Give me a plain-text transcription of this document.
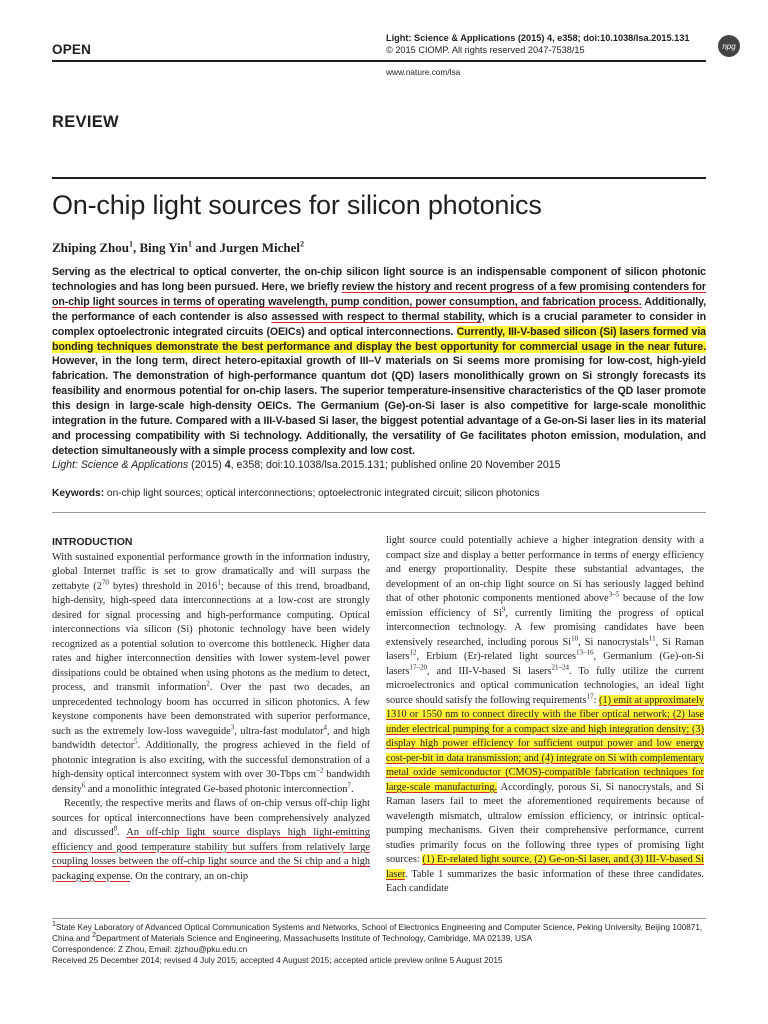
OPEN
Light: Science & Applications (2015) 4, e358; doi:10.1038/lsa.2015.131
© 2015 CIOMP. All rights reserved 2047-7538/15
www.nature.com/lsa
npg
REVIEW
On-chip light sources for silicon photonics
Zhiping Zhou$^1$, Bing Yin$^1$ and Jurgen Michel$^2$
Serving as the electrical to optical converter, the on-chip silicon light source is an indispensable component of silicon photonic technologies and has long been pursued. Here, we briefly review the history and recent progress of a few promising contenders for on-chip light sources in terms of operating wavelength, pump condition, power consumption, and fabrication process. Additionally, the performance of each contender is also assessed with respect to thermal stability, which is a crucial parameter to consider in complex optoelectronic integrated circuits (OEICs) and optical interconnections. Currently, III-V-based silicon (Si) lasers formed via bonding techniques demonstrate the best performance and display the best opportunity for commercial usage in the near future. However, in the long term, direct hetero-epitaxial growth of III–V materials on Si seems more promising for low-cost, high-yield fabrication. The demonstration of high-performance quantum dot (QD) lasers monolithically grown on Si strongly forecasts its feasibility and enormous potential for on-chip lasers. The superior temperature-insensitive characteristics of the QD laser promote this design in large-scale high-density OEICs. The Germanium (Ge)-on-Si laser is also competitive for large-scale monolithic integration in the future. Compared with a III-V-based Si laser, the biggest potential advantage of a Ge-on-Si laser lies in its material and processing compatibility with Si technology. Additionally, the versatility of Ge facilitates photon emission, modulation, and detection simultaneously with a simple process complexity and low cost.
Light: Science & Applications (2015) 4, e358; doi:10.1038/lsa.2015.131; published online 20 November 2015
Keywords: on-chip light sources; optical interconnections; optoelectronic integrated circuit; silicon photonics
INTRODUCTION

With sustained exponential performance growth in the information industry, global Internet traffic is set to grow dramatically and will surpass the zettabyte ($2^{70}$ bytes) threshold in 2016$^1$; because of this trend, broadband, high-density, high-speed data interconnections at a low-cost are strongly desired for signal processing and high-performance computing. Optical interconnections via silicon (Si) photonic technology have been widely recognized as a potential solution to overcome this bottleneck. Higher data rates and higher interconnection densities with lower system-level power dissipations could be obtained when using photons as the medium to detect, process, and transmit information$^2$. Over the past two decades, an unprecedented technology boom has occurred in silicon photonics. A few keystone components have been demonstrated with superior performance, such as the extremely low-loss waveguide$^3$, ultra-fast modulator$^4$, and high bandwidth detector$^5$. Additionally, the progress achieved in the field of photonic integration is also exciting, with the successful demonstration of a high-density optical interconnect system with over 30-Tbps $cm^{-2}$ bandwidth density$^6$ and a monolithic integrated Ge-based photonic interconnection$^7$.

Recently, the respective merits and flaws of on-chip versus off-chip light sources for optical interconnections have been comprehensively analyzed and discussed$^8$. An off-chip light source displays high light-emitting efficiency and good temperature stability but suffers from relatively large coupling losses between the off-chip light source and the Si chip and a high packaging expense. On the contrary, an on-chip

light source could potentially achieve a higher integration density with a compact size and display a better performance in terms of energy efficiency and energy proportionality. Despite these substantial advantages, the development of an on-chip light source on Si has seriously lagged behind that of other photonic components mentioned above$^{3-5}$ because of the low emission efficiency of Si$^9$, currently limiting the progress of optical interconnection technology. A few promising candidates have been extensively researched, including porous Si$^{10}$, Si nanocrystals$^{11}$, Si Raman lasers$^{12}$, Erbium (Er)-related light sources$^{13-16}$, Germanium (Ge)-on-Si lasers$^{17-20}$, and III-V-based Si lasers$^{21-24}$. To fully utilize the current microelectronics and optical communication technologies, an ideal light source should satisfy the following requirements$^{17}$: (1) emit at approximately 1310 or 1550 nm to connect directly with the fiber optical network; (2) lase under electrical pumping for a compact size and high integration density; (3) display high power efficiency for sufficient output power and low energy cost-per-bit in data transmission; and (4) integrate on Si with complementary metal oxide semiconductor (CMOS)-compatible fabrication techniques for large-scale manufacturing. Accordingly, porous Si, Si nanocrystals, and Si Raman lasers fail to meet the aforementioned requirements because of wavelength mismatch, ultralow emission efficiency, or intrinsic optical-pumping mechanisms. Given their comprehensive performance, current studies primarily focus on the following three types of promising light sources: (1) Er-related light source, (2) Ge-on-Si laser, and (3) III-V-based Si laser. Table 1 summarizes the basic information of these three candidates. Each candidate

$^1$State Key Laboratory of Advanced Optical Communication Systems and Networks, School of Electronics Engineering and Computer Science, Peking University, Beijing 100871, China and $^2$Department of Materials Science and Engineering, Massachusetts Institute of Technology, Cambridge, MA 02139, USA
Correspondence: Z Zhou, Email: zjzhou@pku.edu.cn
Received 25 December 2014; revised 4 July 2015; accepted 4 August 2015; accepted article preview online 5 August 2015
